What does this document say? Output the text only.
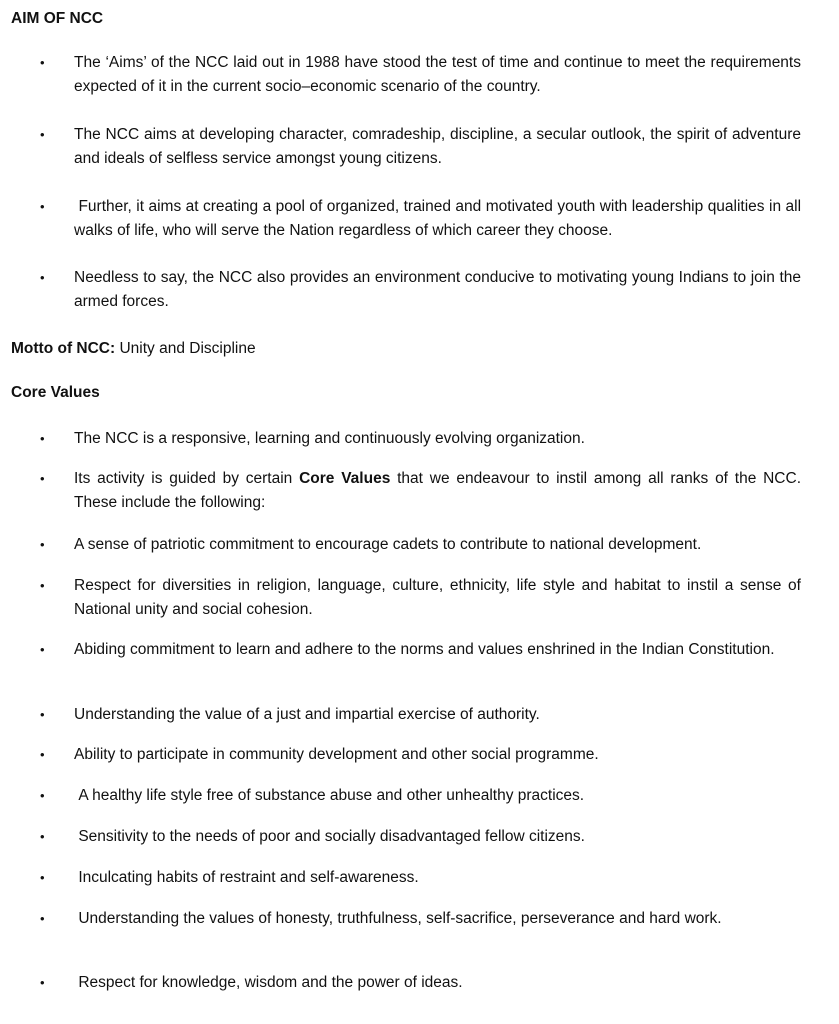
AIM OF NCC
• The ‘Aims’ of the NCC laid out in 1988 have stood the test of time and continue to meet the requirements expected of it in the current socio–economic scenario of the country.
• The NCC aims at developing character, comradeship, discipline, a secular outlook, the spirit of adventure and ideals of selfless service amongst young citizens.
• Further, it aims at creating a pool of organized, trained and motivated youth with leadership qualities in all walks of life, who will serve the Nation regardless of which career they choose.
• Needless to say, the NCC also provides an environment conducive to motivating young Indians to join the armed forces.
Motto of NCC: Unity and Discipline
Core Values
• The NCC is a responsive, learning and continuously evolving organization.
• Its activity is guided by certain Core Values that we endeavour to instil among all ranks of the NCC. These include the following:
• A sense of patriotic commitment to encourage cadets to contribute to national development.
• Respect for diversities in religion, language, culture, ethnicity, life style and habitat to instil a sense of National unity and social cohesion.
• Abiding commitment to learn and adhere to the norms and values enshrined in the Indian Constitution.
• Understanding the value of a just and impartial exercise of authority.
• Ability to participate in community development and other social programme.
• A healthy life style free of substance abuse and other unhealthy practices.
• Sensitivity to the needs of poor and socially disadvantaged fellow citizens.
• Inculcating habits of restraint and self-awareness.
• Understanding the values of honesty, truthfulness, self-sacrifice, perseverance and hard work.
• Respect for knowledge, wisdom and the power of ideas.
